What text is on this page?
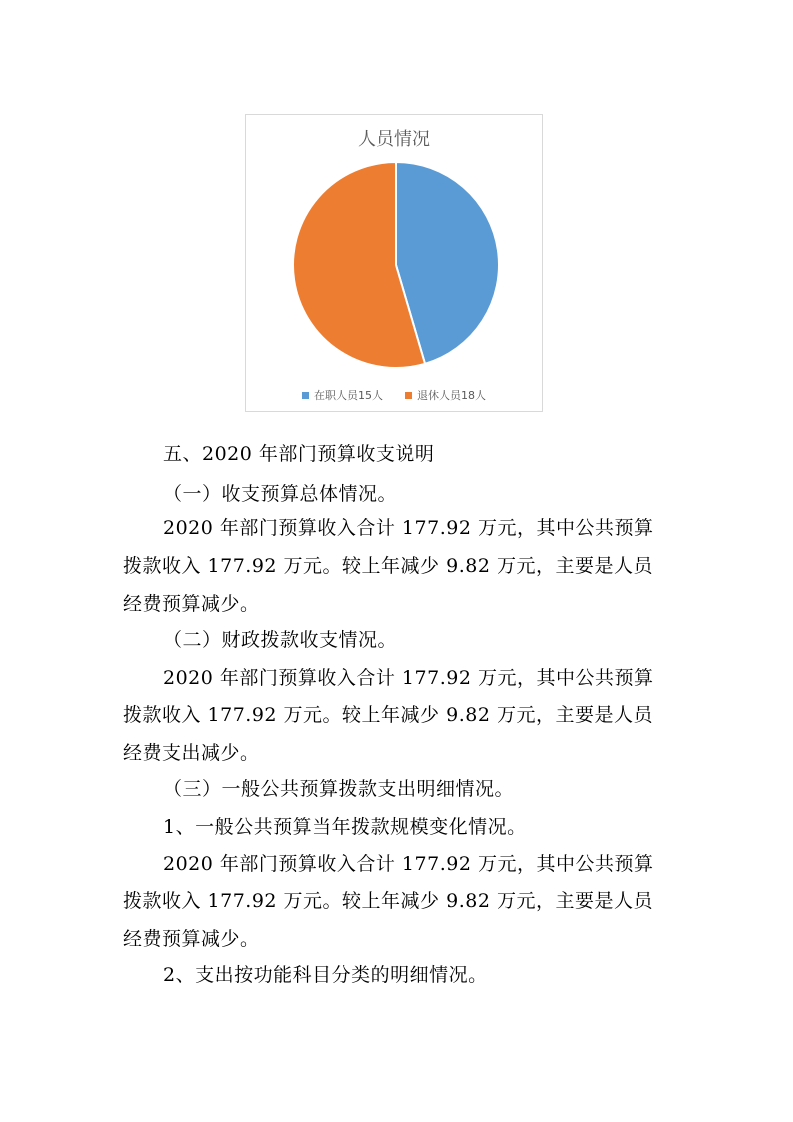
人员情况
在职人员15人	退休人员18人

五、2020 年部门预算收支说明

（一）收支预算总体情况。

2020 年部门预算收入合计 177.92 万元，其中公共预算

拨款收入 177.92 万元。较上年减少 9.82 万元，主要是人员

经费预算减少。

（二）财政拨款收支情况。

2020 年部门预算收入合计 177.92 万元，其中公共预算

拨款收入 177.92 万元。较上年减少 9.82 万元，主要是人员

经费支出减少。

（三）一般公共预算拨款支出明细情况。

1、一般公共预算当年拨款规模变化情况。

2020 年部门预算收入合计 177.92 万元，其中公共预算

拨款收入 177.92 万元。较上年减少 9.82 万元，主要是人员

经费预算减少。

2、支出按功能科目分类的明细情况。
